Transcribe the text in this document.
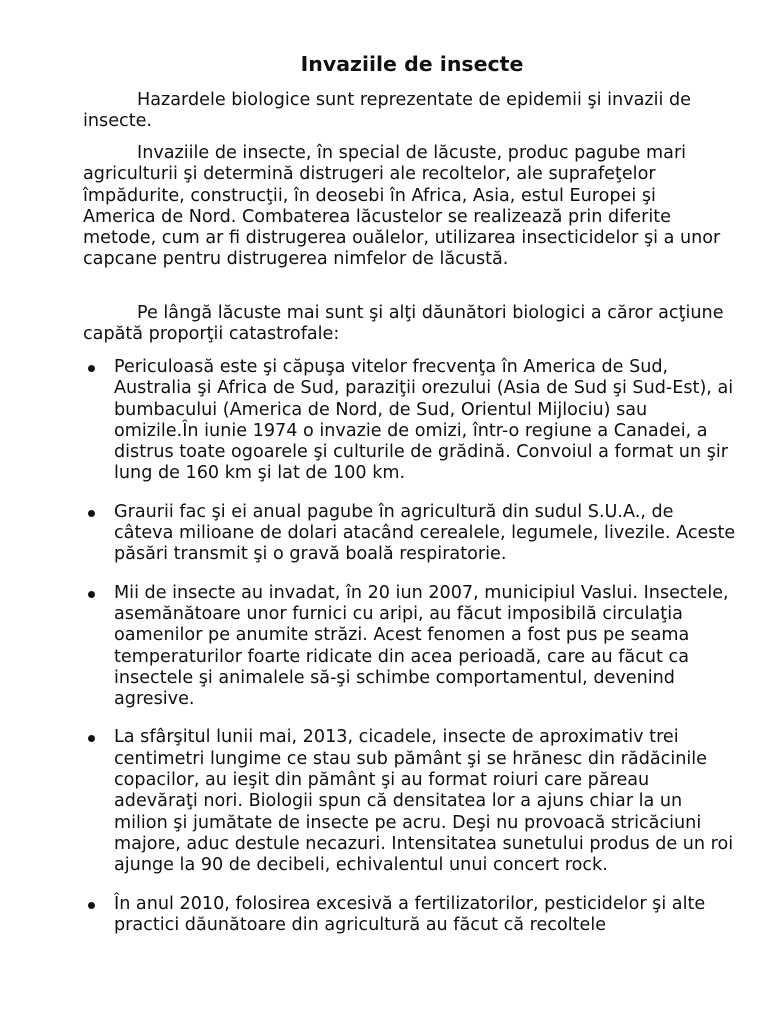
Invaziile de insecte

Hazardele biologice sunt reprezentate de epidemii şi invazii de insecte.

Invaziile de insecte, în special de lăcuste, produc pagube mari agriculturii şi determină distrugeri ale recoltelor, ale suprafeţelor împădurite, construcţii, în deosebi în Africa, Asia, estul Europei şi America de Nord. Combaterea lăcustelor se realizează prin diferite metode, cum ar fi distrugerea ouălelor, utilizarea insecticidelor şi a unor capcane pentru distrugerea nimfelor de lăcustă.

Pe lângă lăcuste mai sunt şi alţi dăunători biologici a căror acţiune capătă proporţii catastrofale:

Periculoasă este şi căpuşa vitelor frecvenţa în America de Sud, Australia şi Africa de Sud, paraziţii orezului (Asia de Sud şi Sud-Est), ai bumbacului (America de Nord, de Sud, Orientul Mijlociu) sau omizile.În iunie 1974 o invazie de omizi, într-o regiune a Canadei, a distrus toate ogoarele şi culturile de grădină. Convoiul a format un şir lung de 160 km şi lat de 100 km.
Graurii fac şi ei anual pagube în agricultură din sudul S.U.A., de câteva milioane de dolari atacând cerealele, legumele, livezile. Aceste păsări transmit şi o gravă boală respiratorie.
Mii de insecte au invadat, în 20 iun 2007, municipiul Vaslui. Insectele, asemănătoare unor furnici cu aripi, au făcut imposibilă circulaţia oamenilor pe anumite străzi. Acest fenomen a fost pus pe seama temperaturilor foarte ridicate din acea perioadă, care au făcut ca insectele şi animalele să-şi schimbe comportamentul, devenind agresive.
La sfârşitul lunii mai, 2013, cicadele, insecte de aproximativ trei centimetri lungime ce stau sub pământ şi se hrănesc din rădăcinile copacilor, au ieşit din pământ şi au format roiuri care păreau adevăraţi nori. Biologii spun că densitatea lor a ajuns chiar la un milion şi jumătate de insecte pe acru. Deşi nu provoacă stricăciuni majore, aduc destule necazuri. Intensitatea sunetului produs de un roi ajunge la 90 de decibeli, echivalentul unui concert rock.
În anul 2010, folosirea excesivă a fertilizatorilor, pesticidelor şi alte practici dăunătoare din agricultură au făcut că recoltele
